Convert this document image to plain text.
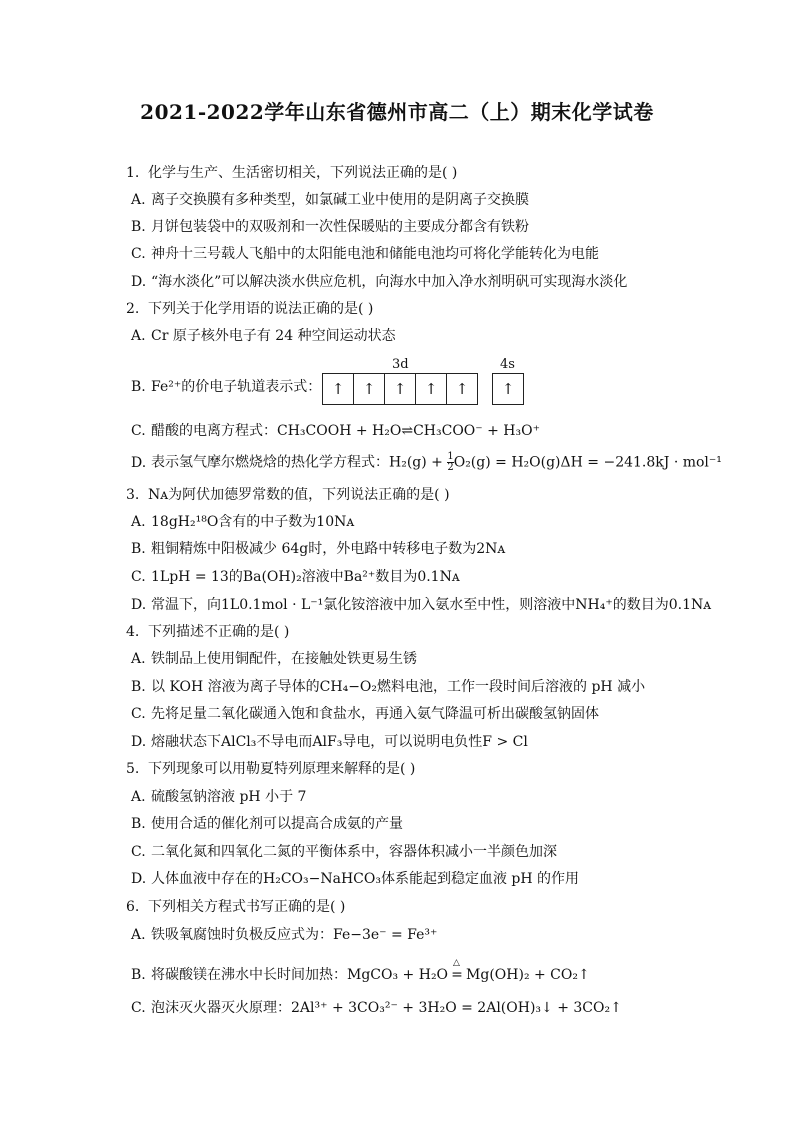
2021-2022学年山东省德州市高二（上）期末化学试卷
1. 化学与生产、生活密切相关，下列说法正确的是( )
A. 离子交换膜有多种类型，如氯碱工业中使用的是阴离子交换膜
B. 月饼包装袋中的双吸剂和一次性保暖贴的主要成分都含有铁粉
C. 神舟十三号载人飞船中的太阳能电池和储能电池均可将化学能转化为电能
D. “海水淡化”可以解决淡水供应危机，向海水中加入净水剂明矾可实现海水淡化
2. 下列关于化学用语的说法正确的是( )
A. Cr 原子核外电子有 24 种空间运动状态
B. Fe²⁺的价电子轨道表示式：
3d	4s
↑	↑	↑	↑	↑	↑
C. 醋酸的电离方程式：CH₃COOH + H₂O⇌CH₃COO⁻ + H₃O⁺
D. 表示氢气摩尔燃烧焓的热化学方程式：$H_2(g) + \frac{1}{2} O_2(g) = H_2O(g)\Delta H = -241.8kJ \cdot mol^{-1}$
3. Nᴀ为阿伏加德罗常数的值，下列说法正确的是( )
A. 18gH₂¹⁸O含有的中子数为10Nᴀ
B. 粗铜精炼中阳极减少 64g时，外电路中转移电子数为2Nᴀ
C. 1LpH = 13的Ba(OH)₂溶液中Ba²⁺数目为0.1Nᴀ
D. 常温下，向1L0.1mol · L⁻¹氯化铵溶液中加入氨水至中性，则溶液中NH₄⁺的数目为0.1Nᴀ
4. 下列描述不正确的是( )
A. 铁制品上使用铜配件，在接触处铁更易生锈
B. 以 KOH 溶液为离子导体的CH₄−O₂燃料电池，工作一段时间后溶液的 pH 减小
C. 先将足量二氧化碳通入饱和食盐水，再通入氨气降温可析出碳酸氢钠固体
D. 熔融状态下AlCl₃不导电而AlF₃导电，可以说明电负性F > Cl
5. 下列现象可以用勒夏特列原理来解释的是( )
A. 硫酸氢钠溶液 pH 小于 7
B. 使用合适的催化剂可以提高合成氨的产量
C. 二氧化氮和四氧化二氮的平衡体系中，容器体积减小一半颜色加深
D. 人体血液中存在的H₂CO₃−NaHCO₃体系能起到稳定血液 pH 的作用
6. 下列相关方程式书写正确的是( )
A. 铁吸氧腐蚀时负极反应式为：Fe−3e⁻ = Fe³⁺
B. 将碳酸镁在沸水中长时间加热：MgCO₃ + H₂O
△
= Mg(OH)₂ + CO₂↑
C. 泡沫灭火器灭火原理：2Al³⁺ + 3CO₃²⁻ + 3H₂O = 2Al(OH)₃↓ + 3CO₂↑
